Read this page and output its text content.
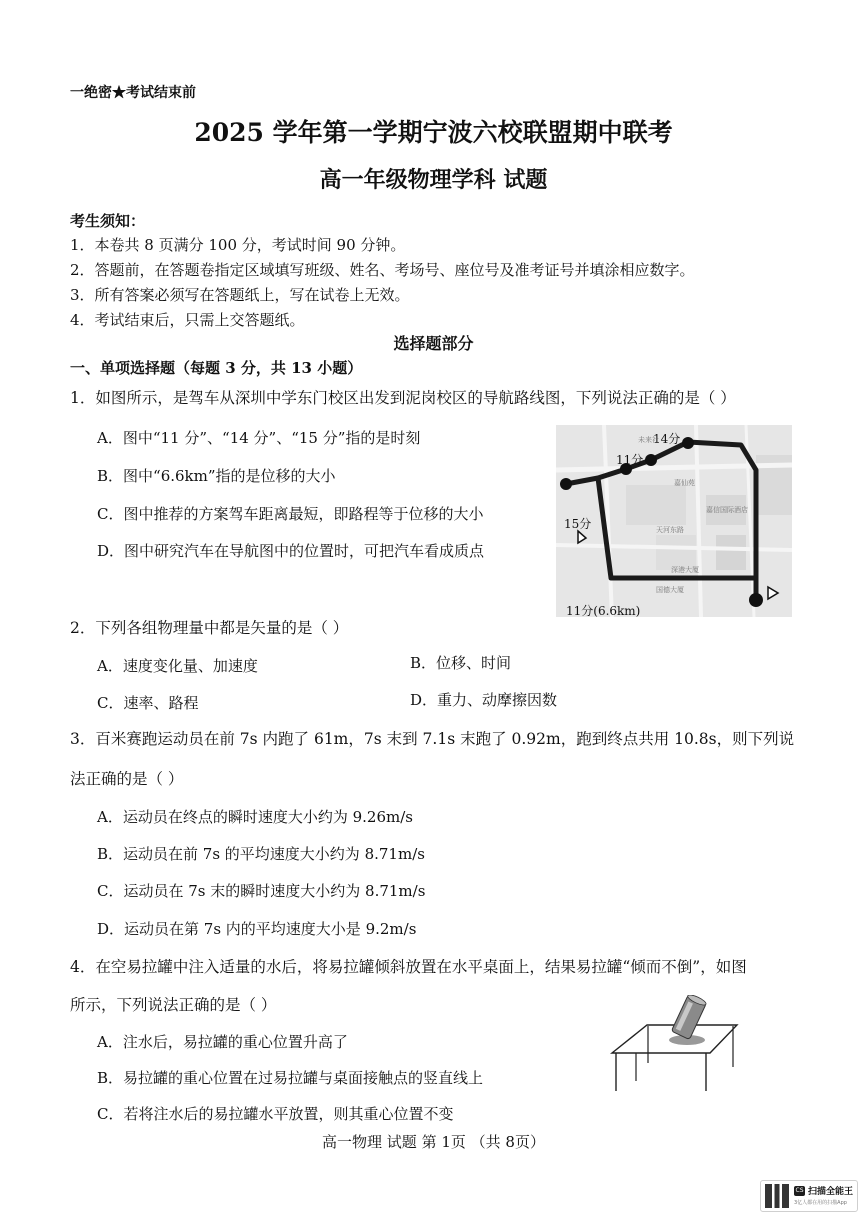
一绝密★考试结束前
2025 学年第一学期宁波六校联盟期中联考
高一年级物理学科 试题
考生须知：
1．本卷共 8 页满分 100 分，考试时间 90 分钟。
2．答题前，在答题卷指定区域填写班级、姓名、考场号、座位号及准考证号并填涂相应数字。
3．所有答案必须写在答题纸上，写在试卷上无效。
4．考试结束后，只需上交答题纸。
选择题部分
一、单项选择题（每题 3 分，共 13 小题）
1．如图所示，是驾车从深圳中学东门校区出发到泥岗校区的导航路线图，下列说法正确的是（ ）
A．图中“11 分”、“14 分”、“15 分”指的是时刻
B．图中“6.6km”指的是位移的大小
C．图中推荐的方案驾车距离最短，即路程等于位移的大小
D．图中研究汽车在导航图中的位置时，可把汽车看成质点
14分
11分
15分
11分(6.6km)
未来社
嘉仙苑
嘉信国际酒店
天河东路
深港大厦
国德大厦
2．下列各组物理量中都是矢量的是（ ）
A．速度变化量、加速度	B．位移、时间
C．速率、路程	D．重力、动摩擦因数
3．百米赛跑运动员在前 7s 内跑了 61m，7s 末到 7.1s 末跑了 0.92m，跑到终点共用 10.8s，则下列说
法正确的是（ ）
A．运动员在终点的瞬时速度大小约为 9.26m/s
B．运动员在前 7s 的平均速度大小约为 8.71m/s
C．运动员在 7s 末的瞬时速度大小约为 8.71m/s
D．运动员在第 7s 内的平均速度大小是 9.2m/s
4．在空易拉罐中注入适量的水后，将易拉罐倾斜放置在水平桌面上，结果易拉罐“倾而不倒”，如图
所示，下列说法正确的是（ ）
A．注水后，易拉罐的重心位置升高了
B．易拉罐的重心位置在过易拉罐与桌面接触点的竖直线上
C．若将注水后的易拉罐水平放置，则其重心位置不变
高一物理 试题 第 1页 （共 8页）
CS 扫描全能王
3亿人都在用的扫描App
